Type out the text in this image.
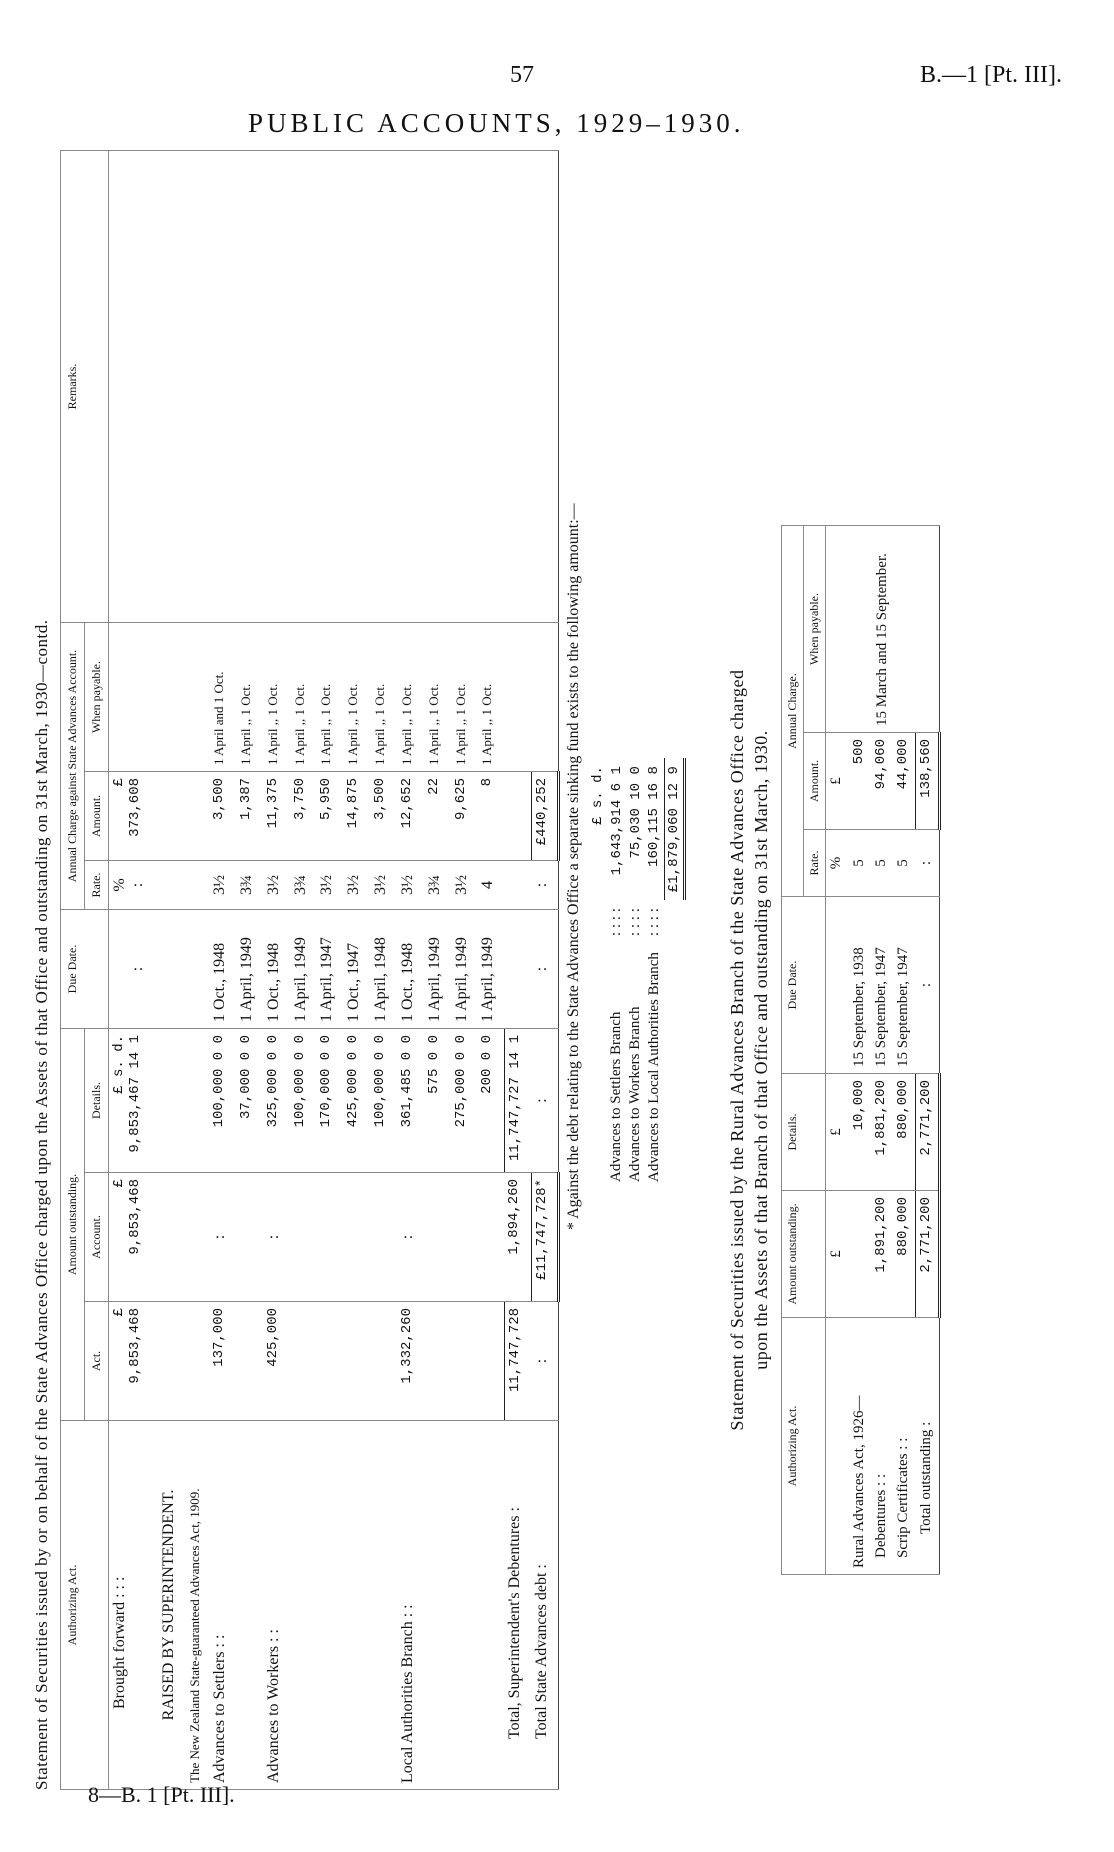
57	B.—1 [Pt. III].
PUBLIC ACCOUNTS, 1929–1930.
Statement of Securities issued by or on behalf of the State Advances Office charged upon the Assets of that Office and outstanding on 31st March, 1930—contd. Authorizing Act.	Amount outstanding.			Due Date.	Annual Charge against State Advances Account.			Remarks.
	Act.	Account.	Details.		Rate.	Amount.	When payable.	
Brought forward : : :	£ 9,853,468	£ 9,853,468	£ s. d. 9,853,467 14 1	:	% :	£ 373,608		
RAISED BY SUPERINTENDENT.								
The New Zealand State-guaranteed Advances Act, 1909.								
Advances to Settlers : :	137,000	:	100,000 0 0	1 Oct., 1948	3½	3,500	1 April and 1 Oct.	
			37,000 0 0	1 April, 1949	3¾	1,387	1 April ,, 1 Oct.	
Advances to Workers : :	425,000	:	325,000 0 0	1 Oct., 1948	3½	11,375	1 April ,, 1 Oct.	
			100,000 0 0	1 April, 1949	3¾	3,750	1 April ,, 1 Oct.	
			170,000 0 0	1 April, 1947	3½	5,950	1 April ,, 1 Oct.	
			425,000 0 0	1 Oct., 1947	3½	14,875	1 April ,, 1 Oct.	
			100,000 0 0	1 April, 1948	3½	3,500	1 April ,, 1 Oct.	
Local Authorities Branch : :	1,332,260	:	361,485 0 0	1 Oct., 1948	3½	12,652	1 April ,, 1 Oct.	
			575 0 0	1 April, 1949	3¾	22	1 April ,, 1 Oct.	
			275,000 0 0	1 April, 1949	3½	9,625	1 April ,, 1 Oct.	
			200 0 0	1 April, 1949	4	8	1 April ,, 1 Oct.	
Total, Superintendent's Debentures :	11,747,728	1,894,260	11,747,727 14 1					
Total State Advances debt :	:	£11,747,728*	:	:	:	£440,252		* Against the debt relating to the State Advances Office a separate sinking fund exists to the following amount:—
		£ s. d.
Advances to Settlers Branch	: : : :	1,643,914 6 1
Advances to Workers Branch	: : : :	75,030 10 0
Advances to Local Authorities Branch	: : : :	160,115 16 8
		£1,879,060 12 9	Statement of Securities issued by the Rural Advances Branch of the State Advances Office charged upon the Assets of that Branch of that Office and outstanding on 31st March, 1930.
Authorizing Act.	Amount outstanding.	Details.	Due Date.	Annual Charge.		
				Rate.	Amount.	When payable.
	£	£		%	£	
Rural Advances Act, 1926—		10,000	15 September, 1938	5	500	15 March and 15 September.
Debentures : :	1,891,200	1,881,200	15 September, 1947	5	94,060	
Scrip Certificates : :	880,000	880,000	15 September, 1947	5	44,000	
Total outstanding :	2,771,200	2,771,200	:	:	138,560	
8—B. 1 [Pt. III].
